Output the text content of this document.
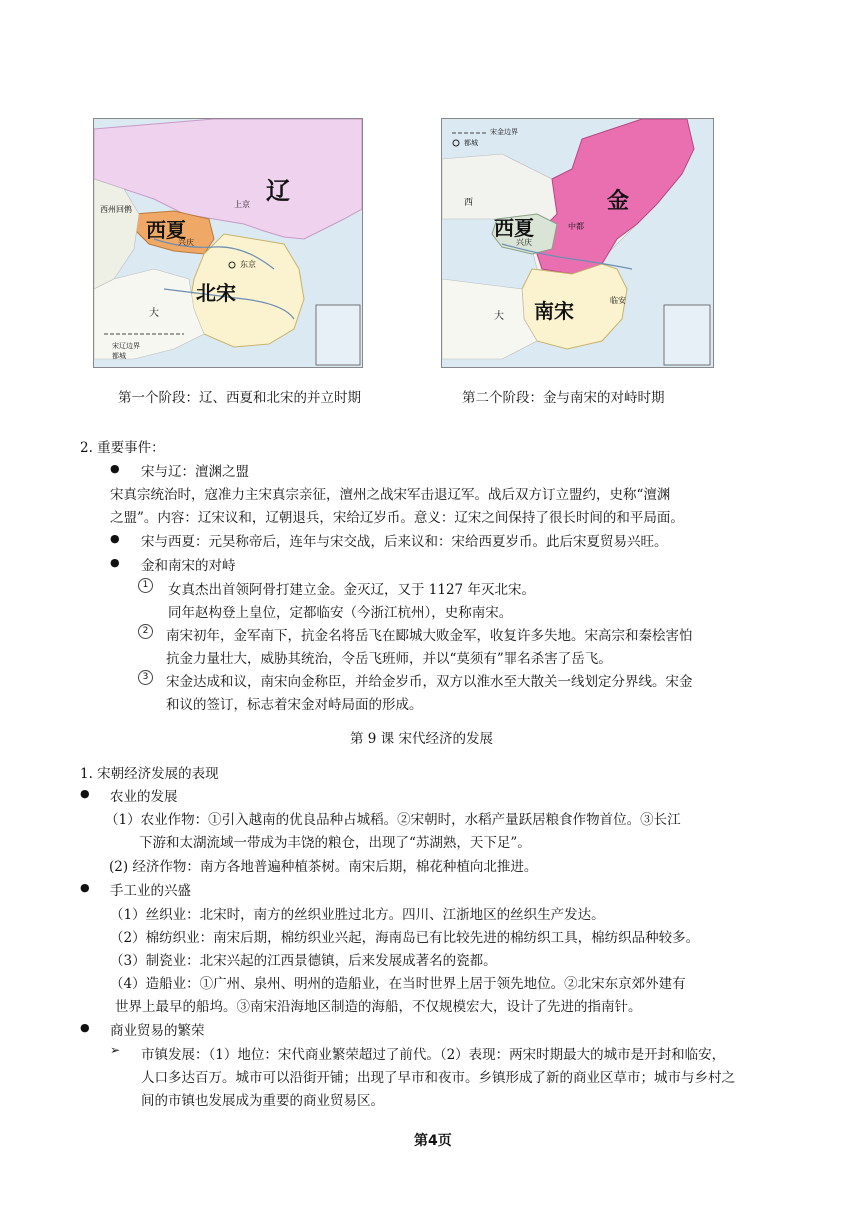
辽
西夏
北宋
上京
西州回鹘
兴庆
东京
大
宋辽边界
都城
金
西夏
南宋
西
中都
兴庆
临安
大
宋金边界
都城
第一个阶段：辽、西夏和北宋的并立时期	第二个阶段：金与南宋的对峙时期
2. 重要事件：
● 宋与辽：澶渊之盟
宋真宗统治时，寇准力主宋真宗亲征，澶州之战宋军击退辽军。战后双方订立盟约，史称“澶渊
之盟”。内容：辽宋议和，辽朝退兵，宋给辽岁币。意义：辽宋之间保持了很长时间的和平局面。
● 宋与西夏：元昊称帝后，连年与宋交战，后来议和：宋给西夏岁币。此后宋夏贸易兴旺。
● 金和南宋的对峙
1	女真杰出首领阿骨打建立金。金灭辽，又于 1127 年灭北宋。
同年赵构登上皇位，定都临安（今浙江杭州），史称南宋。
2	南宋初年，金军南下，抗金名将岳飞在郾城大败金军，收复许多失地。宋高宗和秦桧害怕
抗金力量壮大，威胁其统治，令岳飞班师，并以“莫须有”罪名杀害了岳飞。
3	宋金达成和议，南宋向金称臣，并给金岁币，双方以淮水至大散关一线划定分界线。宋金
和议的签订，标志着宋金对峙局面的形成。
第 9 课 宋代经济的发展
1. 宋朝经济发展的表现
● 农业的发展
（1）农业作物：①引入越南的优良品种占城稻。②宋朝时，水稻产量跃居粮食作物首位。③长江
下游和太湖流域一带成为丰饶的粮仓，出现了“苏湖熟，天下足”。
(2) 经济作物：南方各地普遍种植茶树。南宋后期，棉花种植向北推进。
● 手工业的兴盛
（1）丝织业：北宋时，南方的丝织业胜过北方。四川、江浙地区的丝织生产发达。
（2）棉纺织业：南宋后期，棉纺织业兴起，海南岛已有比较先进的棉纺织工具，棉纺织品种较多。
（3）制瓷业：北宋兴起的江西景德镇，后来发展成著名的瓷都。
（4）造船业：①广州、泉州、明州的造船业，在当时世界上居于领先地位。②北宋东京郊外建有
世界上最早的船坞。③南宋沿海地区制造的海船，不仅规模宏大，设计了先进的指南针。
● 商业贸易的繁荣
➢ 市镇发展：（1）地位：宋代商业繁荣超过了前代。（2）表现：两宋时期最大的城市是开封和临安，
人口多达百万。城市可以沿街开铺；出现了早市和夜市。乡镇形成了新的商业区草市；城市与乡村之
间的市镇也发展成为重要的商业贸易区。
第4页
